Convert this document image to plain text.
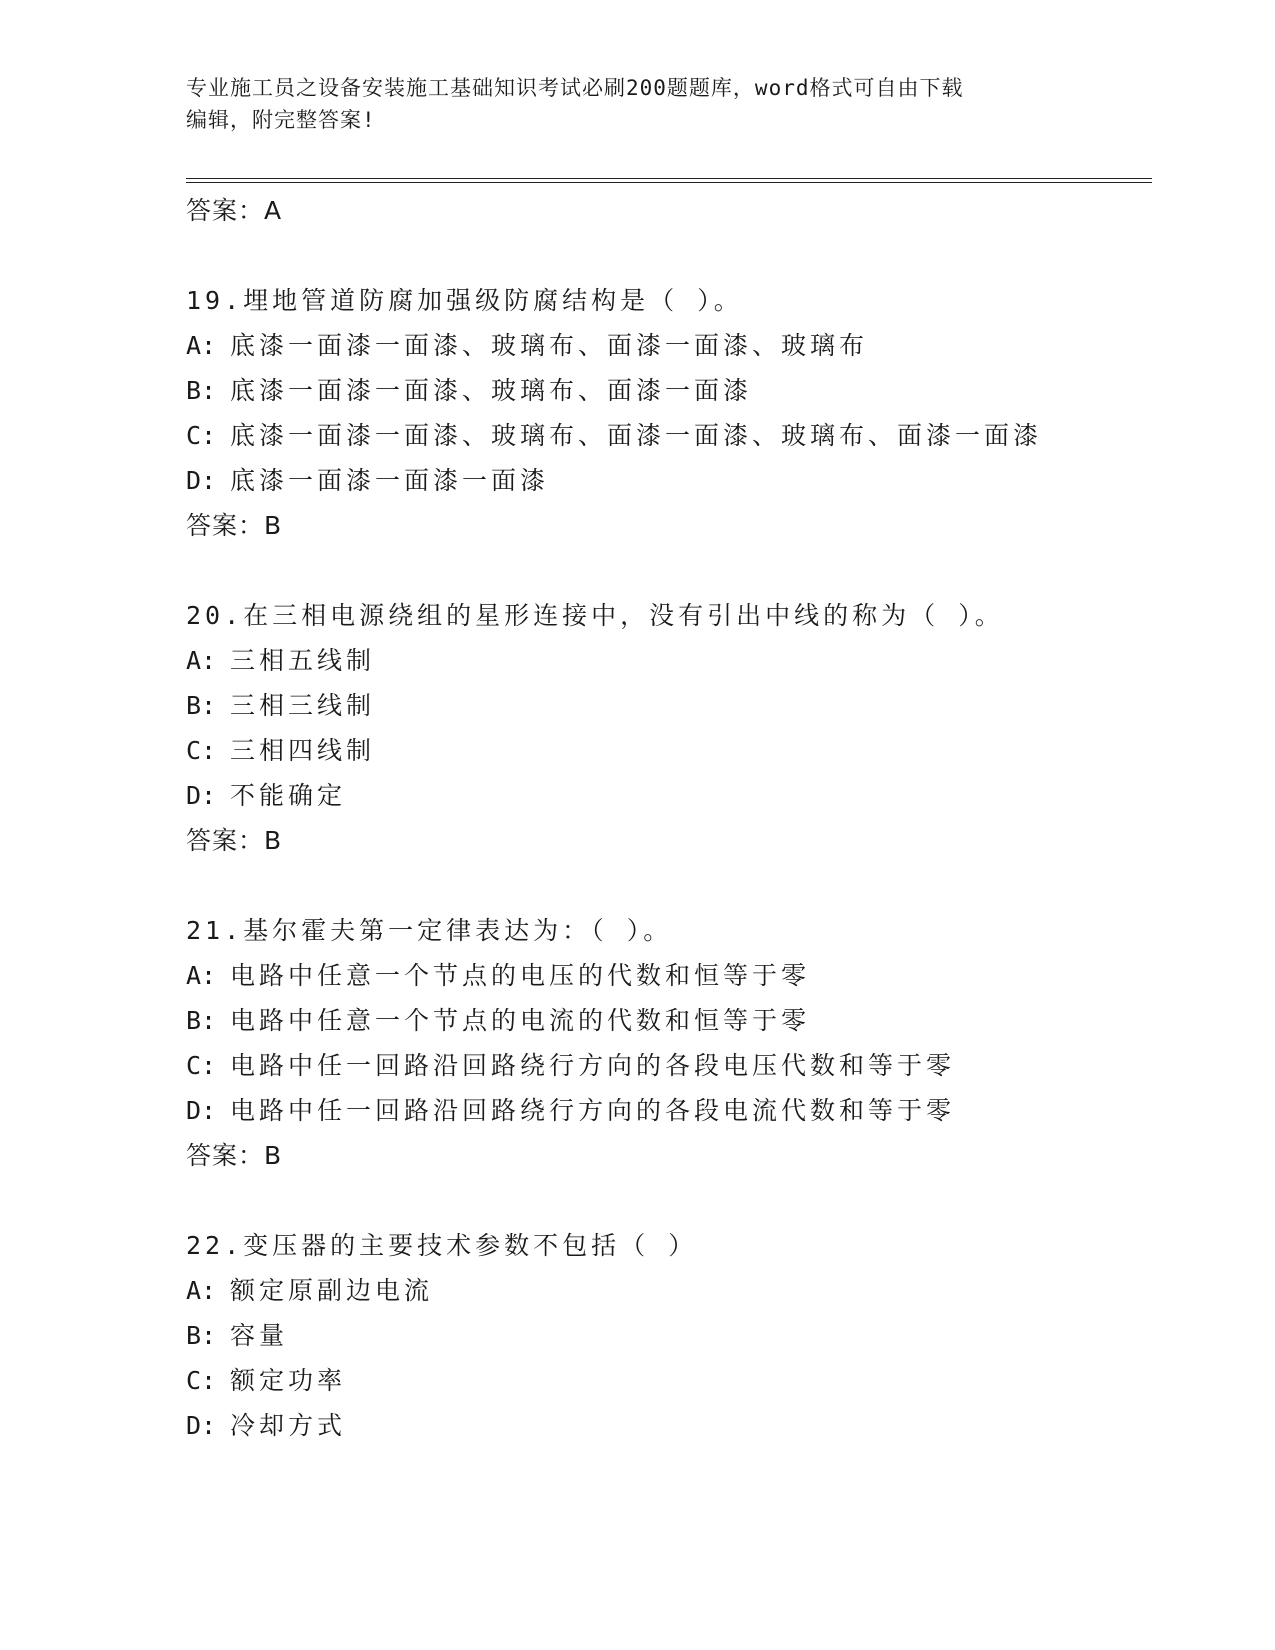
专业施工员之设备安装施工基础知识考试必刷200题题库，word格式可自由下载
编辑，附完整答案!
答案：A
19.埋地管道防腐加强级防腐结构是（ ）。
A: 底漆一面漆一面漆、玻璃布、面漆一面漆、玻璃布
B: 底漆一面漆一面漆、玻璃布、面漆一面漆
C: 底漆一面漆一面漆、玻璃布、面漆一面漆、玻璃布、面漆一面漆
D: 底漆一面漆一面漆一面漆
答案：B
20.在三相电源绕组的星形连接中，没有引出中线的称为（ ）。
A: 三相五线制
B: 三相三线制
C: 三相四线制
D: 不能确定
答案：B
21.基尔霍夫第一定律表达为：（ ）。
A: 电路中任意一个节点的电压的代数和恒等于零
B: 电路中任意一个节点的电流的代数和恒等于零
C: 电路中任一回路沿回路绕行方向的各段电压代数和等于零
D: 电路中任一回路沿回路绕行方向的各段电流代数和等于零
答案：B
22.变压器的主要技术参数不包括（ ）
A: 额定原副边电流
B: 容量
C: 额定功率
D: 冷却方式
